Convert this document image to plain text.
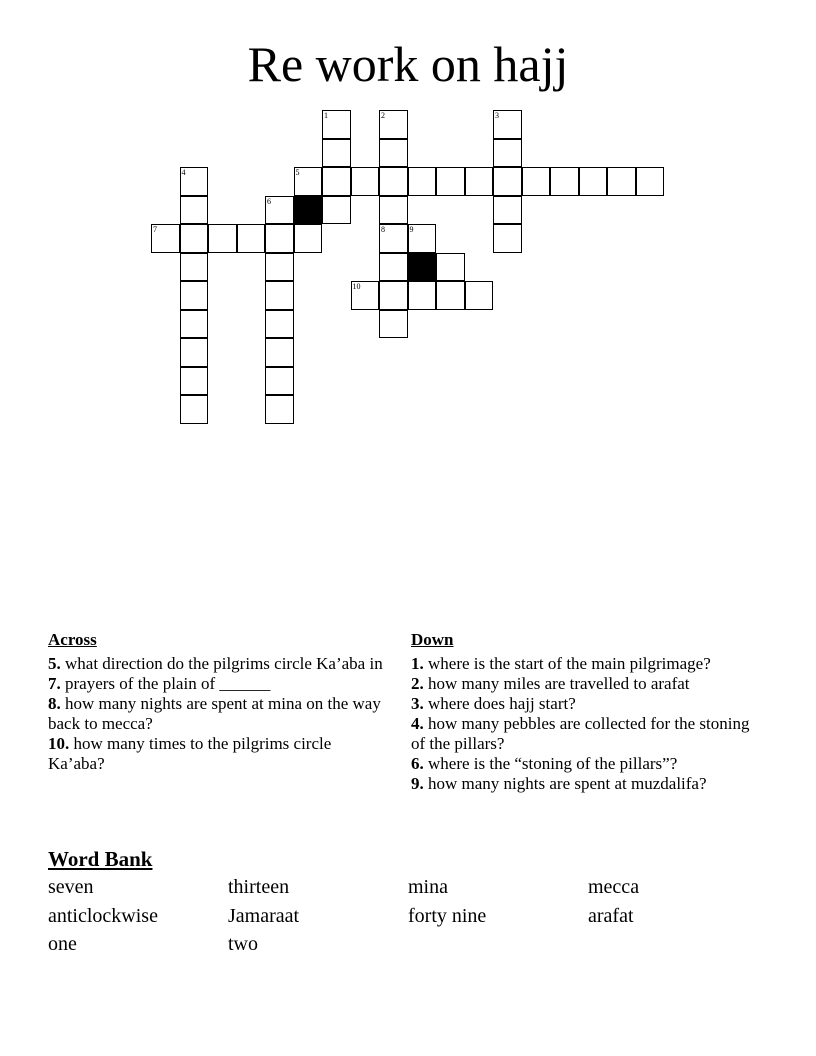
Re work on hajj
1	2	3
4	5
6
7	8	9
10
Across
5. what direction do the pilgrims circle Ka’aba in
7. prayers of the plain of ______
8. how many nights are spent at mina on the way back to mecca?
10. how many times to the pilgrims circle Ka’aba?
Down
1. where is the start of the main pilgrimage?
2. how many miles are travelled to arafat
3. where does hajj start?
4. how many pebbles are collected for the stoning of the pillars?
6. where is the “stoning of the pillars”?
9. how many nights are spent at muzdalifa?
Word Bank
seven	thirteen	mina	mecca
anticlockwise	Jamaraat	forty nine	arafat
one	two
